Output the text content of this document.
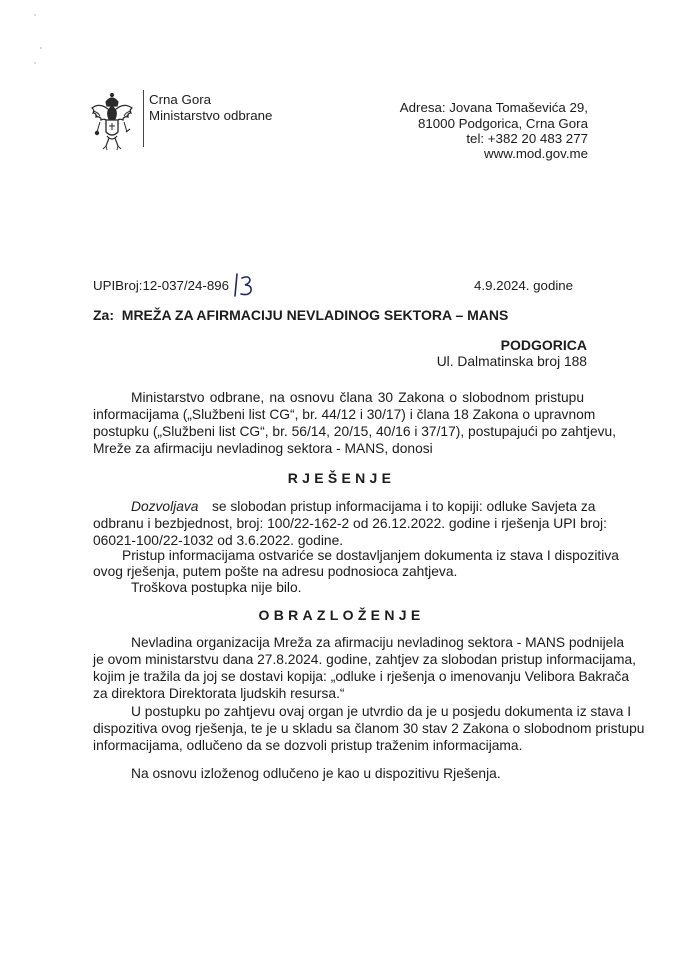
Crna Gora
Ministarstvo odbrane
Adresa: Jovana Tomaševića 29,
81000 Podgorica, Crna Gora
tel: +382 20 483 277
www.mod.gov.me
UPIBroj:12-037/24-896	4.9.2024. godine
Za: MREŽA ZA AFIRMACIJU NEVLADINOG SEKTORA – MANS
PODGORICA
Ul. Dalmatinska broj 188
Ministarstvo odbrane, na osnovu člana 30 Zakona o slobodnom pristupu
informacijama („Službeni list CG“, br. 44/12 i 30/17) i člana 18 Zakona o upravnom
postupku („Službeni list CG“, br. 56/14, 20/15, 40/16 i 37/17), postupajući po zahtjevu,
Mreže za afirmaciju nevladinog sektora - MANS, donosi
RJEŠENJE
Dozvoljava se slobodan pristup informacijama i to kopiji: odluke Savjeta za
odbranu i bezbjednost, broj: 100/22-162-2 od 26.12.2022. godine i rješenja UPI broj:
06021-100/22-1032 od 3.6.2022. godine.
Pristup informacijama ostvariće se dostavljanjem dokumenta iz stava I dispozitiva
ovog rješenja, putem pošte na adresu podnosioca zahtjeva.
Troškova postupka nije bilo.
OBRAZLOŽENJE
Nevladina organizacija Mreža za afirmaciju nevladinog sektora - MANS podnijela
je ovom ministarstvu dana 27.8.2024. godine, zahtjev za slobodan pristup informacijama,
kojim je tražila da joj se dostavi kopija: „odluke i rješenja o imenovanju Velibora Bakrača
za direktora Direktorata ljudskih resursa.“
U postupku po zahtjevu ovaj organ je utvrdio da je u posjedu dokumenta iz stava I
dispozitiva ovog rješenja, te je u skladu sa članom 30 stav 2 Zakona o slobodnom pristupu
informacijama, odlučeno da se dozvoli pristup traženim informacijama.
Na osnovu izloženog odlučeno je kao u dispozitivu Rješenja.
